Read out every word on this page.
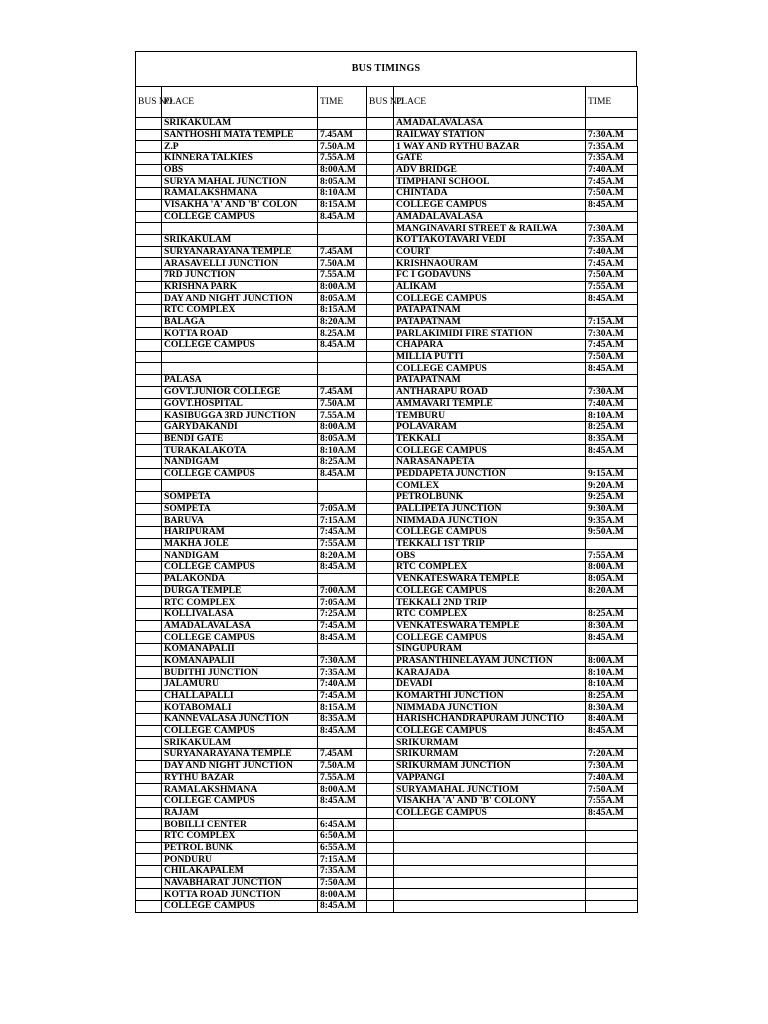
BUS TIMINGS
BUS NO	PLACE	TIME	BUS NO	PLACE	TIME
	SRIKAKULAM			AMADALAVALASA	
	SANTHOSHI MATA TEMPLE	7.45AM		RAILWAY STATION	7:30A.M
	Z.P	7.50A.M		1 WAY AND RYTHU BAZAR	7:35A.M
	KINNERA TALKIES	7.55A.M		GATE	7:35A.M
	OBS	8:00A.M		ADV BRIDGE	7:40A.M
	SURYA MAHAL JUNCTION	8:05A.M		TIMPHANI SCHOOL	7:45A.M
	RAMALAKSHMANA	8:10A.M		CHINTADA	7:50A.M
	VISAKHA 'A' AND 'B' COLON	8:15A.M		COLLEGE CAMPUS	8:45A.M
	COLLEGE CAMPUS	8.45A.M		AMADALAVALASA	
				MANGINAVARI STREET & RAILWA	7:30A.M
	SRIKAKULAM			KOTTAKOTAVARI VEDI	7:35A.M
	SURYANARAYANA TEMPLE	7.45AM		COURT	7:40A.M
	ARASAVELLI JUNCTION	7.50A.M		KRISHNAOURAM	7:45A.M
	7RD JUNCTION	7.55A.M		FC I GODAVUNS	7:50A.M
	KRISHNA PARK	8:00A.M		ALIKAM	7:55A.M
	DAY AND NIGHT JUNCTION	8:05A.M		COLLEGE CAMPUS	8:45A.M
	RTC COMPLEX	8:15A.M		PATAPATNAM	
	BALAGA	8:20A.M		PATAPATNAM	7:15A.M
	KOTTA ROAD	8.25A.M		PARLAKIMIDI FIRE STATION	7:30A.M
	COLLEGE CAMPUS	8.45A.M		CHAPARA	7:45A.M
				MILLIA PUTTI	7:50A.M
				COLLEGE CAMPUS	8:45A.M
	PALASA			PATAPATNAM	
	GOVT.JUNIOR COLLEGE	7.45AM		ANTHARAPU ROAD	7:30A.M
	GOVT.HOSPITAL	7.50A.M		AMMAVARI TEMPLE	7:40A.M
	KASIBUGGA 3RD JUNCTION	7.55A.M		TEMBURU	8:10A.M
	GARYDAKANDI	8:00A.M		POLAVARAM	8:25A.M
	BENDI GATE	8:05A.M		TEKKALI	8:35A.M
	TURAKALAKOTA	8:10A.M		COLLEGE CAMPUS	8:45A.M
	NANDIGAM	8:25A.M		NARASANAPETA	
	COLLEGE CAMPUS	8.45A.M		PEDDAPETA JUNCTION	9:15A.M
				COMLEX	9:20A.M
	SOMPETA			PETROLBUNK	9:25A.M
	SOMPETA	7:05A.M		PALLIPETA JUNCTION	9:30A.M
	BARUVA	7:15A.M		NIMMADA JUNCTION	9:35A.M
	HARIPURAM	7:45A.M		COLLEGE CAMPUS	9:50A.M
	MAKHA JOLE	7:55A.M		TEKKALI 1ST TRIP	
	NANDIGAM	8:20A.M		OBS	7:55A.M
	COLLEGE CAMPUS	8:45A.M		RTC COMPLEX	8:00A.M
	PALAKONDA			VENKATESWARA TEMPLE	8:05A.M
	DURGA TEMPLE	7:00A.M		COLLEGE CAMPUS	8:20A.M
	RTC COMPLEX	7:05A.M		TEKKALI 2ND TRIP	
	KOLLIVALASA	7:25A.M		RTC COMPLEX	8:25A.M
	AMADALAVALASA	7:45A.M		VENKATESWARA TEMPLE	8:30A.M
	COLLEGE CAMPUS	8:45A.M		COLLEGE CAMPUS	8:45A.M
	KOMANAPALII			SINGUPURAM	
	KOMANAPALII	7:30A.M		PRASANTHINELAYAM JUNCTION	8:00A.M
	BUDITHI JUNCTION	7:35A.M		KARAJADA	8:10A.M
	JALAMURU	7:40A.M		DEVADI	8:10A.M
	CHALLAPALLI	7:45A.M		KOMARTHI JUNCTION	8:25A.M
	KOTABOMALI	8:15A.M		NIMMADA JUNCTION	8:30A.M
	KANNEVALASA JUNCTION	8:35A.M		HARISHCHANDRAPURAM JUNCTIO	8:40A.M
	COLLEGE CAMPUS	8:45A.M		COLLEGE CAMPUS	8:45A.M
	SRIKAKULAM			SRIKURMAM	
	SURYANARAYANA TEMPLE	7.45AM		SRIKURMAM	7:20A.M
	DAY AND NIGHT JUNCTION	7.50A.M		SRIKURMAM JUNCTION	7:30A.M
	RYTHU BAZAR	7.55A.M		VAPPANGI	7:40A.M
	RAMALAKSHMANA	8:00A.M		SURYAMAHAL JUNCTIOM	7:50A.M
	COLLEGE CAMPUS	8:45A.M		VISAKHA 'A' AND 'B' COLONY	7:55A.M
	RAJAM			COLLEGE CAMPUS	8:45A.M
	BOBILLI CENTER	6:45A.M			
	RTC COMPLEX	6:50A.M			
	PETROL BUNK	6:55A.M			
	PONDURU	7:15A.M			
	CHILAKAPALEM	7:35A.M			
	NAVABHARAT JUNCTION	7:50A.M			
	KOTTA ROAD JUNCTION	8:00A.M			
	COLLEGE CAMPUS	8:45A.M			
